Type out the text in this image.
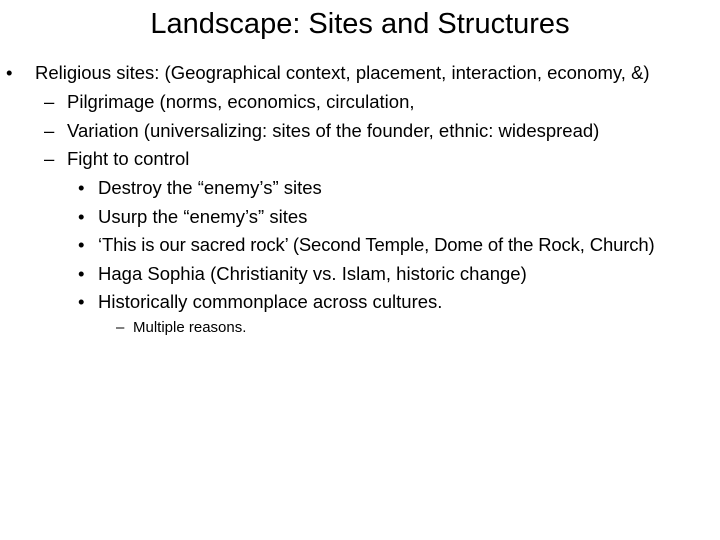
Landscape: Sites and Structures
• Religious sites: (Geographical context, placement, interaction, economy, &)
– Pilgrimage (norms, economics, circulation,
– Variation (universalizing: sites of the founder, ethnic: widespread)
– Fight to control
• Destroy the “enemy’s” sites
• Usurp the “enemy’s” sites
• ‘This is our sacred rock’ (Second Temple, Dome of the Rock, Church)
• Haga Sophia (Christianity vs. Islam, historic change)
• Historically commonplace across cultures.
– Multiple reasons.
